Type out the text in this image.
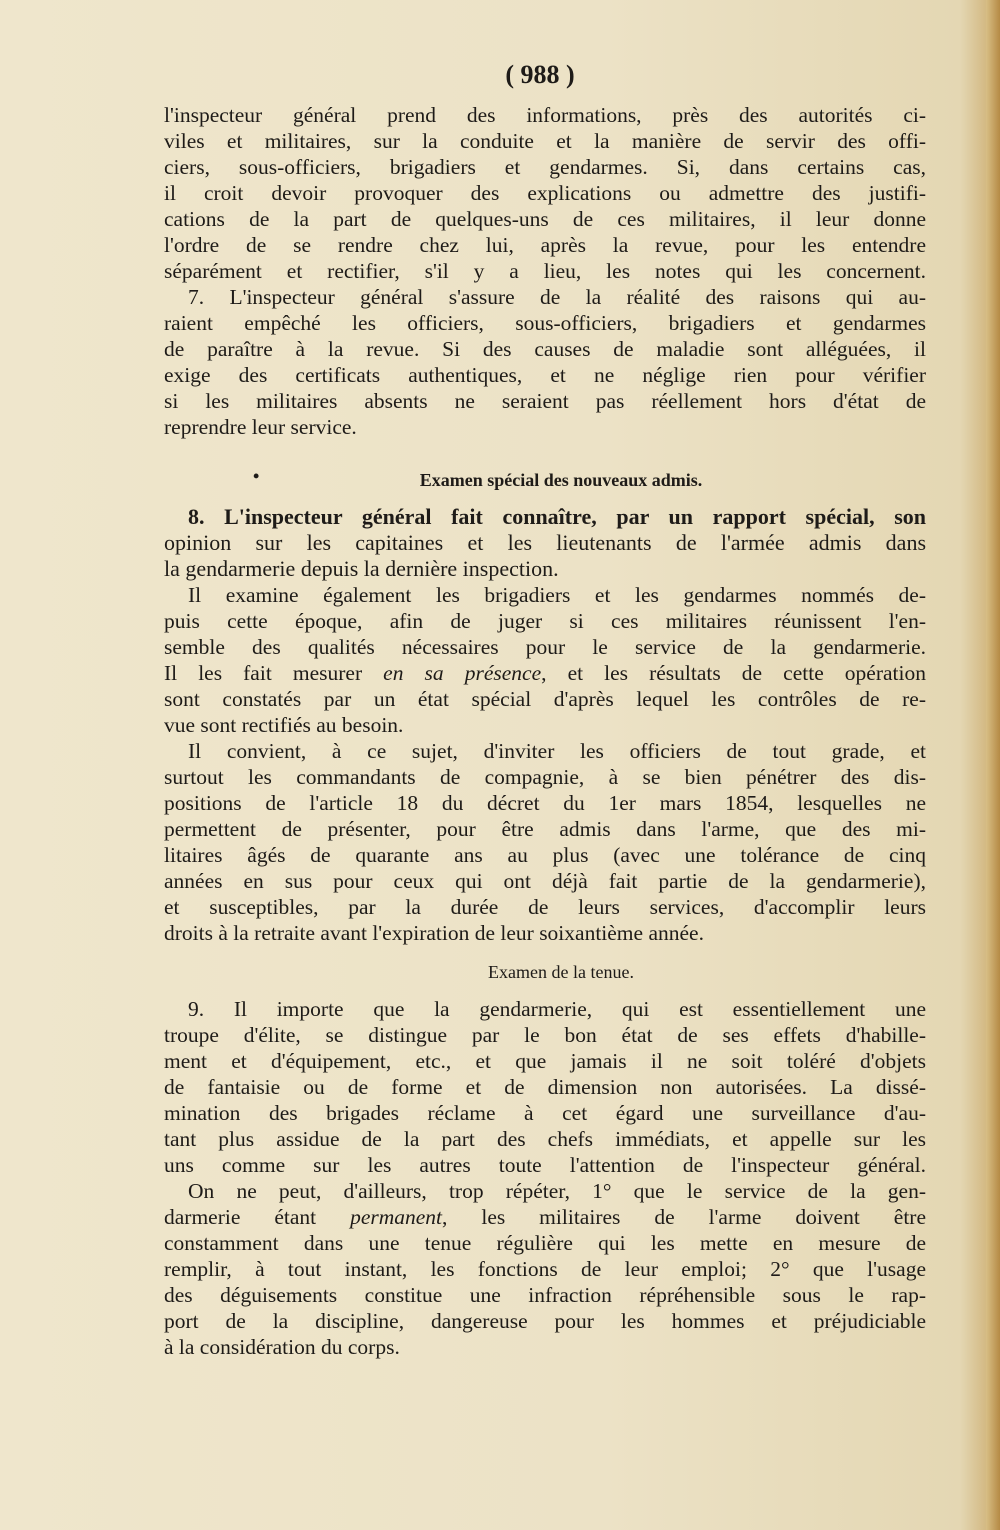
( 988 )
l'inspecteur général prend des informations, près des autorités ci-
viles et militaires, sur la conduite et la manière de servir des offi-
ciers, sous-officiers, brigadiers et gendarmes. Si, dans certains cas,
il croit devoir provoquer des explications ou admettre des justifi-
cations de la part de quelques-uns de ces militaires, il leur donne
l'ordre de se rendre chez lui, après la revue, pour les entendre
séparément et rectifier, s'il y a lieu, les notes qui les concernent.
7. L'inspecteur général s'assure de la réalité des raisons qui au-
raient empêché les officiers, sous-officiers, brigadiers et gendarmes
de paraître à la revue. Si des causes de maladie sont alléguées, il
exige des certificats authentiques, et ne néglige rien pour vérifier
si les militaires absents ne seraient pas réellement hors d'état de
reprendre leur service.
•	Examen spécial des nouveaux admis.
8. L'inspecteur général fait connaître, par un rapport spécial, son
opinion sur les capitaines et les lieutenants de l'armée admis dans
la gendarmerie depuis la dernière inspection.
Il examine également les brigadiers et les gendarmes nommés de-
puis cette époque, afin de juger si ces militaires réunissent l'en-
semble des qualités nécessaires pour le service de la gendarmerie.
Il les fait mesurer en sa présence, et les résultats de cette opération
sont constatés par un état spécial d'après lequel les contrôles de re-
vue sont rectifiés au besoin.
Il convient, à ce sujet, d'inviter les officiers de tout grade, et
surtout les commandants de compagnie, à se bien pénétrer des dis-
positions de l'article 18 du décret du 1er mars 1854, lesquelles ne
permettent de présenter, pour être admis dans l'arme, que des mi-
litaires âgés de quarante ans au plus (avec une tolérance de cinq
années en sus pour ceux qui ont déjà fait partie de la gendarmerie),
et susceptibles, par la durée de leurs services, d'accomplir leurs
droits à la retraite avant l'expiration de leur soixantième année.
Examen de la tenue.
9. Il importe que la gendarmerie, qui est essentiellement une
troupe d'élite, se distingue par le bon état de ses effets d'habille-
ment et d'équipement, etc., et que jamais il ne soit toléré d'objets
de fantaisie ou de forme et de dimension non autorisées. La dissé-
mination des brigades réclame à cet égard une surveillance d'au-
tant plus assidue de la part des chefs immédiats, et appelle sur les
uns comme sur les autres toute l'attention de l'inspecteur général.
On ne peut, d'ailleurs, trop répéter, 1° que le service de la gen-
darmerie étant permanent, les militaires de l'arme doivent être
constamment dans une tenue régulière qui les mette en mesure de
remplir, à tout instant, les fonctions de leur emploi; 2° que l'usage
des déguisements constitue une infraction répréhensible sous le rap-
port de la discipline, dangereuse pour les hommes et préjudiciable
à la considération du corps.
